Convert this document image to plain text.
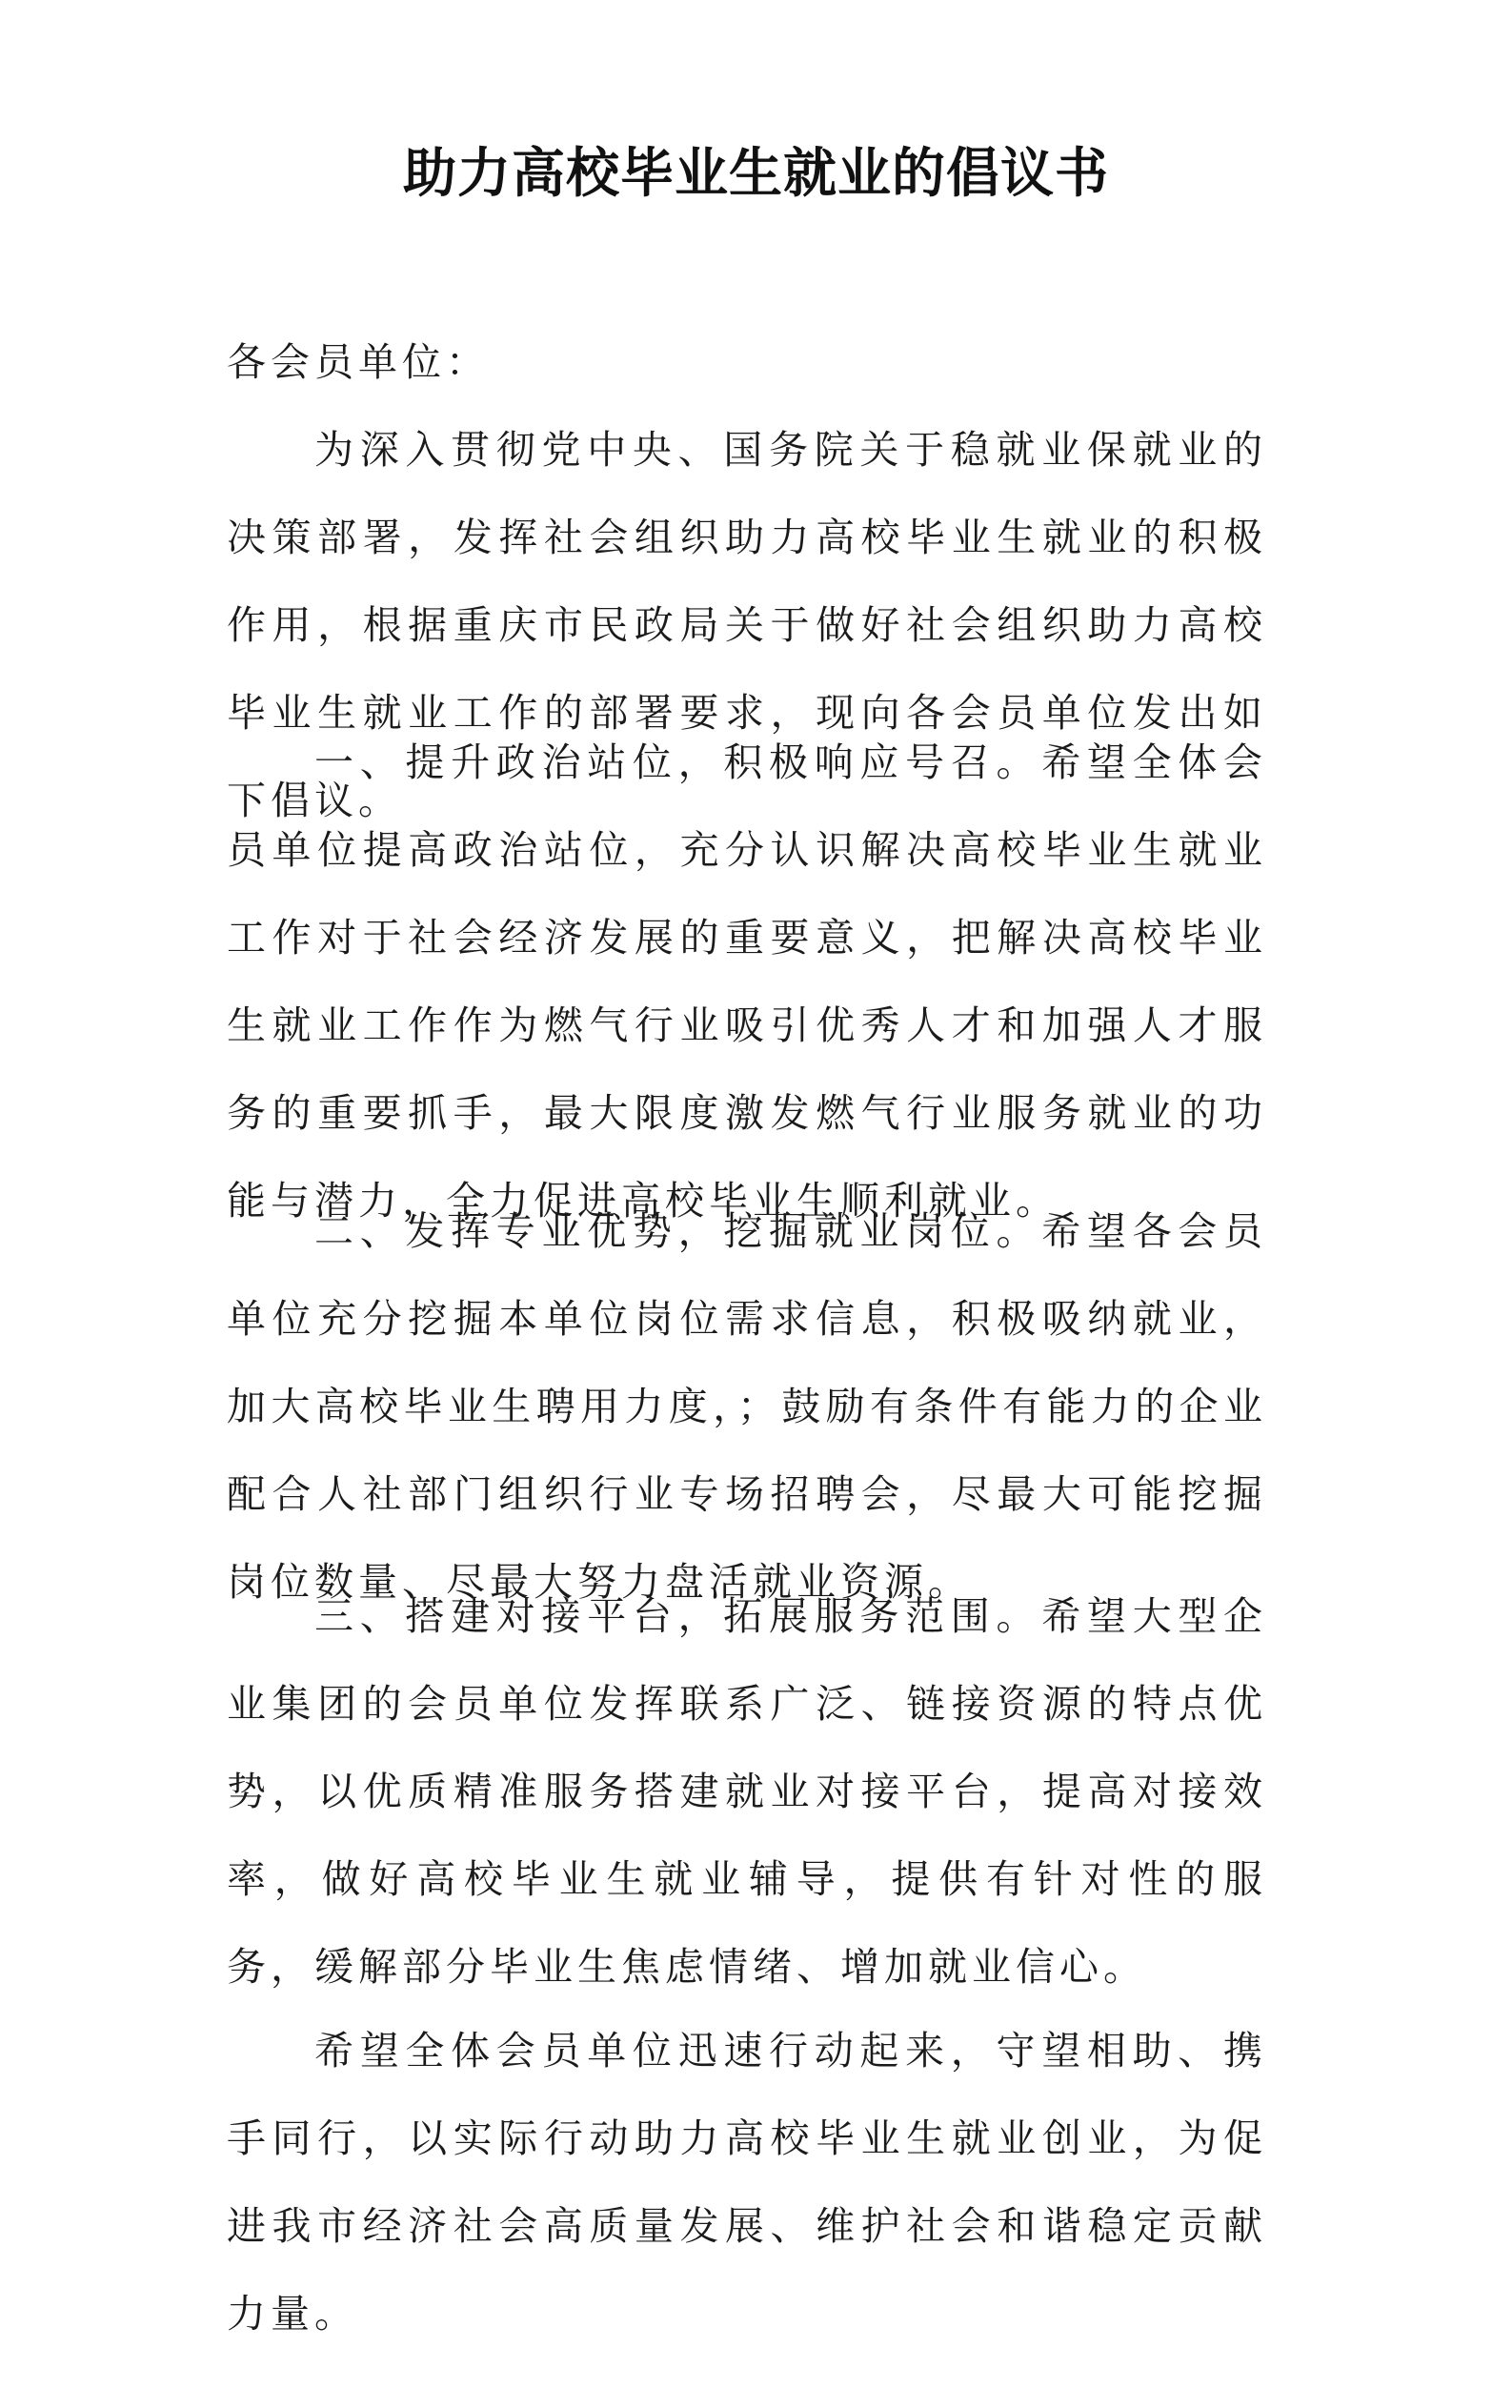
助力高校毕业生就业的倡议书

各会员单位：

为深入贯彻党中央、国务院关于稳就业保就业的决策部署，发挥社会组织助力高校毕业生就业的积极作用，根据重庆市民政局关于做好社会组织助力高校毕业生就业工作的部署要求，现向各会员单位发出如下倡议。

一、提升政治站位，积极响应号召。希望全体会员单位提高政治站位，充分认识解决高校毕业生就业工作对于社会经济发展的重要意义，把解决高校毕业生就业工作作为燃气行业吸引优秀人才和加强人才服务的重要抓手，最大限度激发燃气行业服务就业的功能与潜力，全力促进高校毕业生顺利就业。

二、发挥专业优势，挖掘就业岗位。希望各会员单位充分挖掘本单位岗位需求信息，积极吸纳就业，加大高校毕业生聘用力度，；鼓励有条件有能力的企业配合人社部门组织行业专场招聘会，尽最大可能挖掘岗位数量、尽最大努力盘活就业资源。

三、搭建对接平台，拓展服务范围。希望大型企业集团的会员单位发挥联系广泛、链接资源的特点优势，以优质精准服务搭建就业对接平台，提高对接效率，做好高校毕业生就业辅导，提供有针对性的服务，缓解部分毕业生焦虑情绪、增加就业信心。

希望全体会员单位迅速行动起来，守望相助、携手同行，以实际行动助力高校毕业生就业创业，为促进我市经济社会高质量发展、维护社会和谐稳定贡献力量。
